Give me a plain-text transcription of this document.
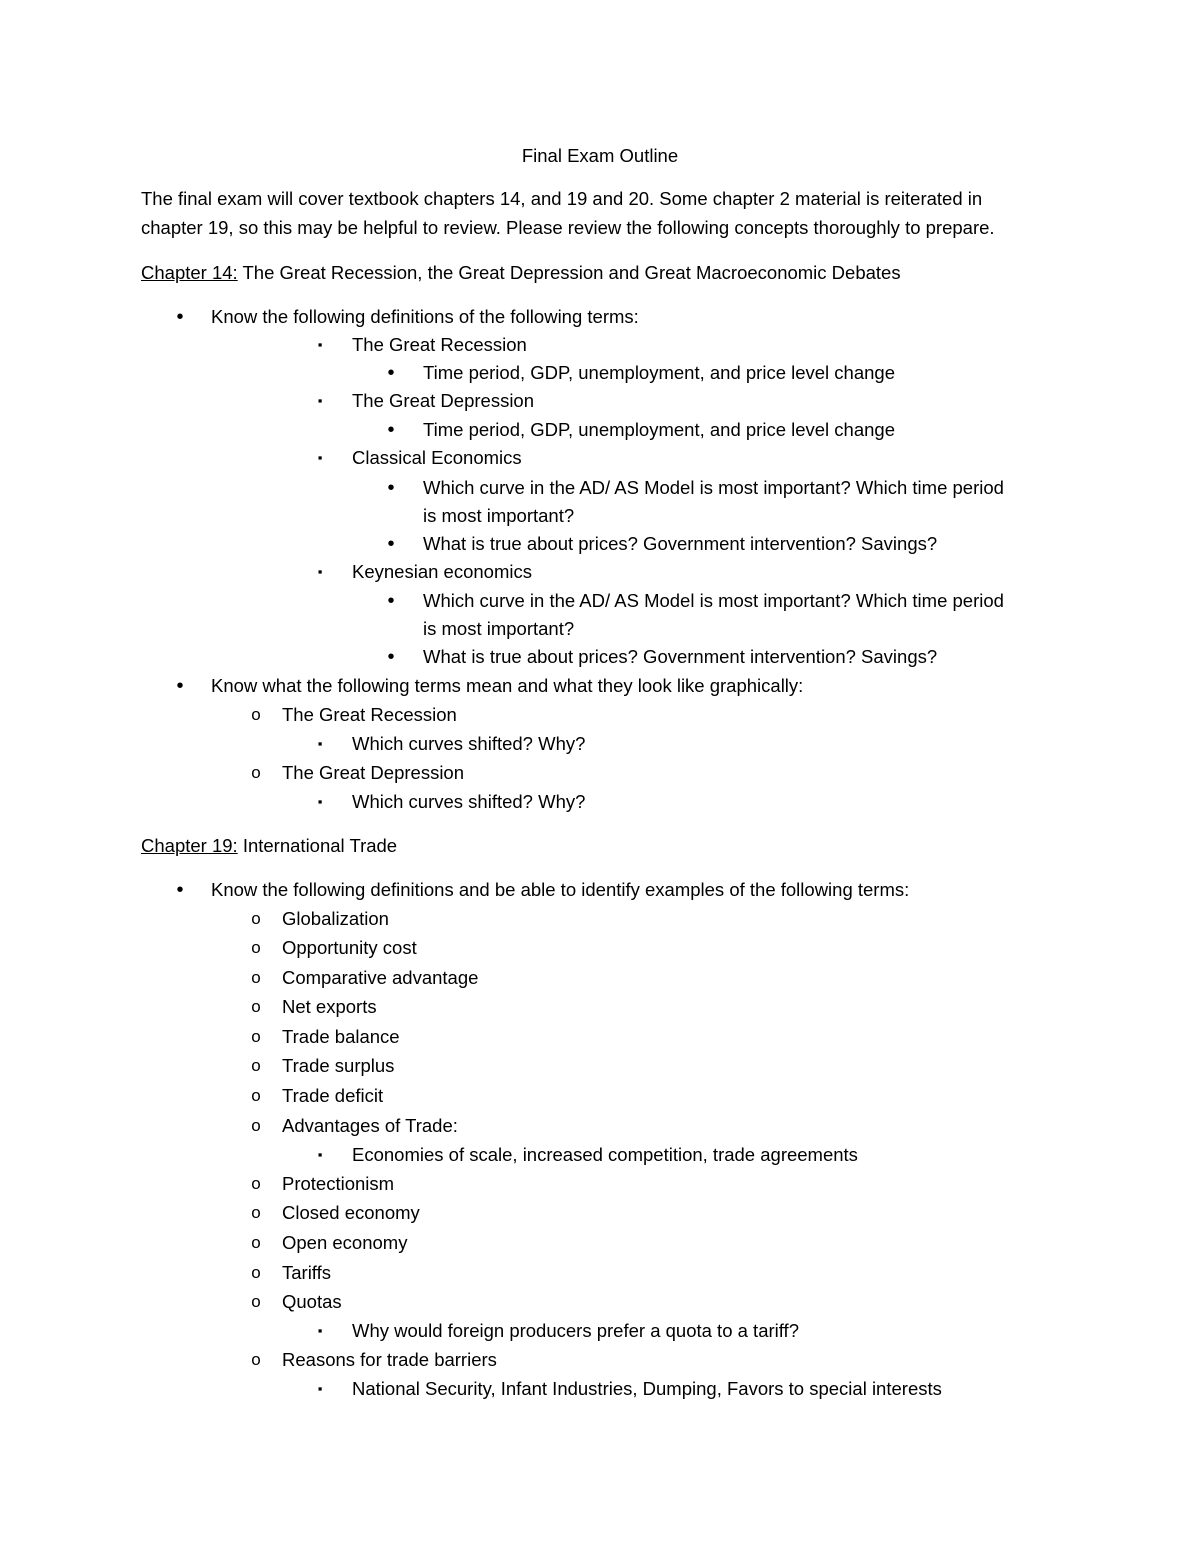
Final Exam Outline
The final exam will cover textbook chapters 14, and 19 and 20. Some chapter 2 material is reiterated in
chapter 19, so this may be helpful to review. Please review the following concepts thoroughly to prepare.
Chapter 14: The Great Recession, the Great Depression and Great Macroeconomic Debates
•	Know the following definitions of the following terms:
▪	The Great Recession
•	Time period, GDP, unemployment, and price level change
▪	The Great Depression
•	Time period, GDP, unemployment, and price level change
▪	Classical Economics
•	Which curve in the AD/ AS Model is most important? Which time period
is most important?
•	What is true about prices? Government intervention? Savings?
▪	Keynesian economics
•	Which curve in the AD/ AS Model is most important? Which time period
is most important?
•	What is true about prices? Government intervention? Savings?
•	Know what the following terms mean and what they look like graphically:
o The Great Recession
▪	Which curves shifted? Why?
o The Great Depression
▪	Which curves shifted? Why?
Chapter 19: International Trade
•	Know the following definitions and be able to identify examples of the following terms:
o Globalization
o Opportunity cost
o Comparative advantage
o Net exports
o Trade balance
o Trade surplus
o Trade deficit
o Advantages of Trade:
▪	Economies of scale, increased competition, trade agreements
o Protectionism
o Closed economy
o Open economy
o Tariffs
o Quotas
▪	Why would foreign producers prefer a quota to a tariff?
o Reasons for trade barriers
▪	National Security, Infant Industries, Dumping, Favors to special interests
